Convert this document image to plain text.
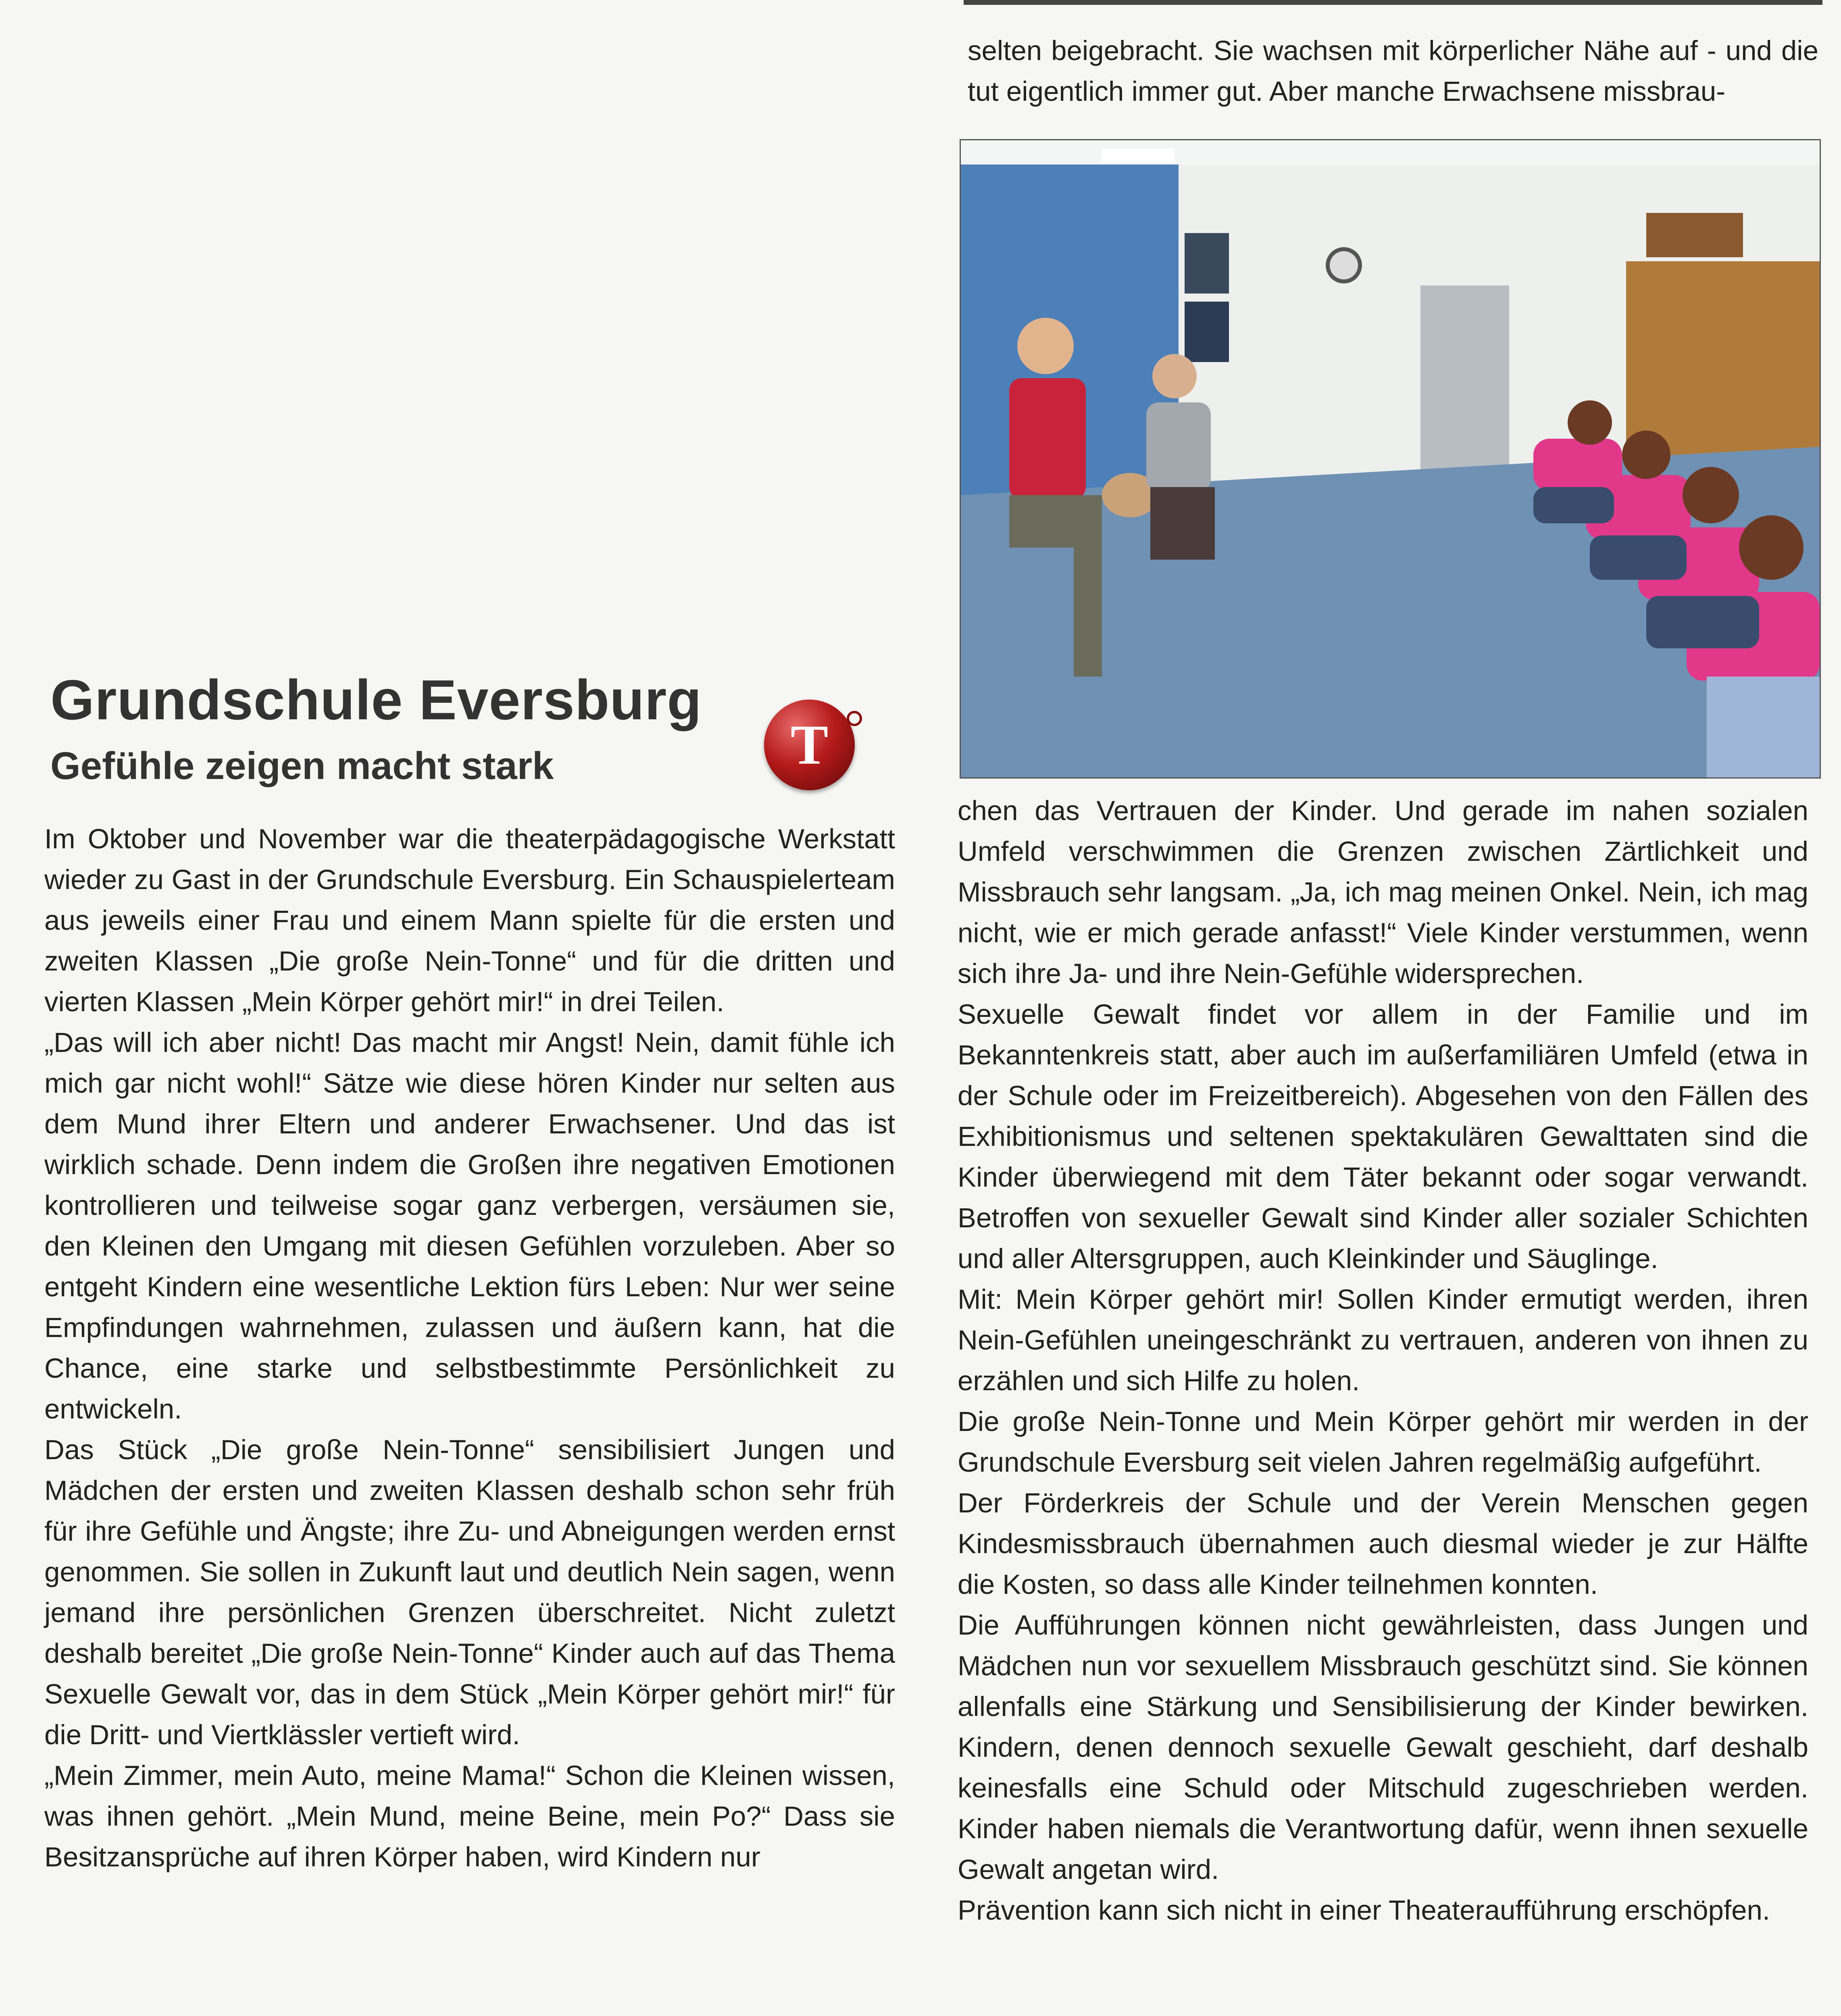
selten beigebracht. Sie wachsen mit körperlicher Nähe auf - und die tut eigentlich immer gut. Aber manche Erwachsene missbrau-

Grundschule Eversburg
Gefühle zeigen macht stark	T

Im Oktober und November war die theaterpädagogische Werkstatt wieder zu Gast in der Grundschule Eversburg. Ein Schauspielerteam aus jeweils einer Frau und einem Mann spielte für die ersten und zweiten Klassen „Die große Nein-Tonne“ und für die dritten und vierten Klassen „Mein Körper gehört mir!“ in drei Teilen.

„Das will ich aber nicht! Das macht mir Angst! Nein, damit fühle ich mich gar nicht wohl!“ Sätze wie diese hören Kinder nur selten aus dem Mund ihrer Eltern und anderer Erwachsener. Und das ist wirklich schade. Denn indem die Großen ihre negativen Emotionen kontrollieren und teilweise sogar ganz verbergen, versäumen sie, den Kleinen den Umgang mit diesen Gefühlen vorzuleben. Aber so entgeht Kindern eine wesentliche Lektion fürs Leben: Nur wer seine Empfindungen wahrnehmen, zulassen und äußern kann, hat die Chance, eine starke und selbstbestimmte Persönlichkeit zu entwickeln.

Das Stück „Die große Nein-Tonne“ sensibilisiert Jungen und Mädchen der ersten und zweiten Klassen deshalb schon sehr früh für ihre Gefühle und Ängste; ihre Zu- und Abneigungen werden ernst genommen. Sie sollen in Zukunft laut und deutlich Nein sagen, wenn jemand ihre persönlichen Grenzen überschreitet. Nicht zuletzt deshalb bereitet „Die große Nein-Tonne“ Kinder auch auf das Thema Sexuelle Gewalt vor, das in dem Stück „Mein Körper gehört mir!“ für die Dritt- und Viertklässler vertieft wird.

„Mein Zimmer, mein Auto, meine Mama!“ Schon die Kleinen wissen, was ihnen gehört. „Mein Mund, meine Beine, mein Po?“ Dass sie Besitzansprüche auf ihren Körper haben, wird Kindern nur

chen das Vertrauen der Kinder. Und gerade im nahen sozialen Umfeld verschwimmen die Grenzen zwischen Zärtlichkeit und Missbrauch sehr langsam. „Ja, ich mag meinen Onkel. Nein, ich mag nicht, wie er mich gerade anfasst!“ Viele Kinder verstummen, wenn sich ihre Ja- und ihre Nein-Gefühle widersprechen.

Sexuelle Gewalt findet vor allem in der Familie und im Bekanntenkreis statt, aber auch im außerfamiliären Umfeld (etwa in der Schule oder im Freizeitbereich). Abgesehen von den Fällen des Exhibitionismus und seltenen spektakulären Gewalttaten sind die Kinder überwiegend mit dem Täter bekannt oder sogar verwandt. Betroffen von sexueller Gewalt sind Kinder aller sozialer Schichten und aller Altersgruppen, auch Kleinkinder und Säuglinge.

Mit: Mein Körper gehört mir! Sollen Kinder ermutigt werden, ihren Nein-Gefühlen uneingeschränkt zu vertrauen, anderen von ihnen zu erzählen und sich Hilfe zu holen.

Die große Nein-Tonne und Mein Körper gehört mir werden in der Grundschule Eversburg seit vielen Jahren regelmäßig aufgeführt.

Der Förderkreis der Schule und der Verein Menschen gegen Kindesmissbrauch übernahmen auch diesmal wieder je zur Hälfte die Kosten, so dass alle Kinder teilnehmen konnten.

Die Aufführungen können nicht gewährleisten, dass Jungen und Mädchen nun vor sexuellem Missbrauch geschützt sind. Sie können allenfalls eine Stärkung und Sensibilisierung der Kinder bewirken. Kindern, denen dennoch sexuelle Gewalt geschieht, darf deshalb keinesfalls eine Schuld oder Mitschuld zugeschrieben werden. Kinder haben niemals die Verantwortung dafür, wenn ihnen sexuelle Gewalt angetan wird.

Prävention kann sich nicht in einer Theateraufführung erschöpfen.
